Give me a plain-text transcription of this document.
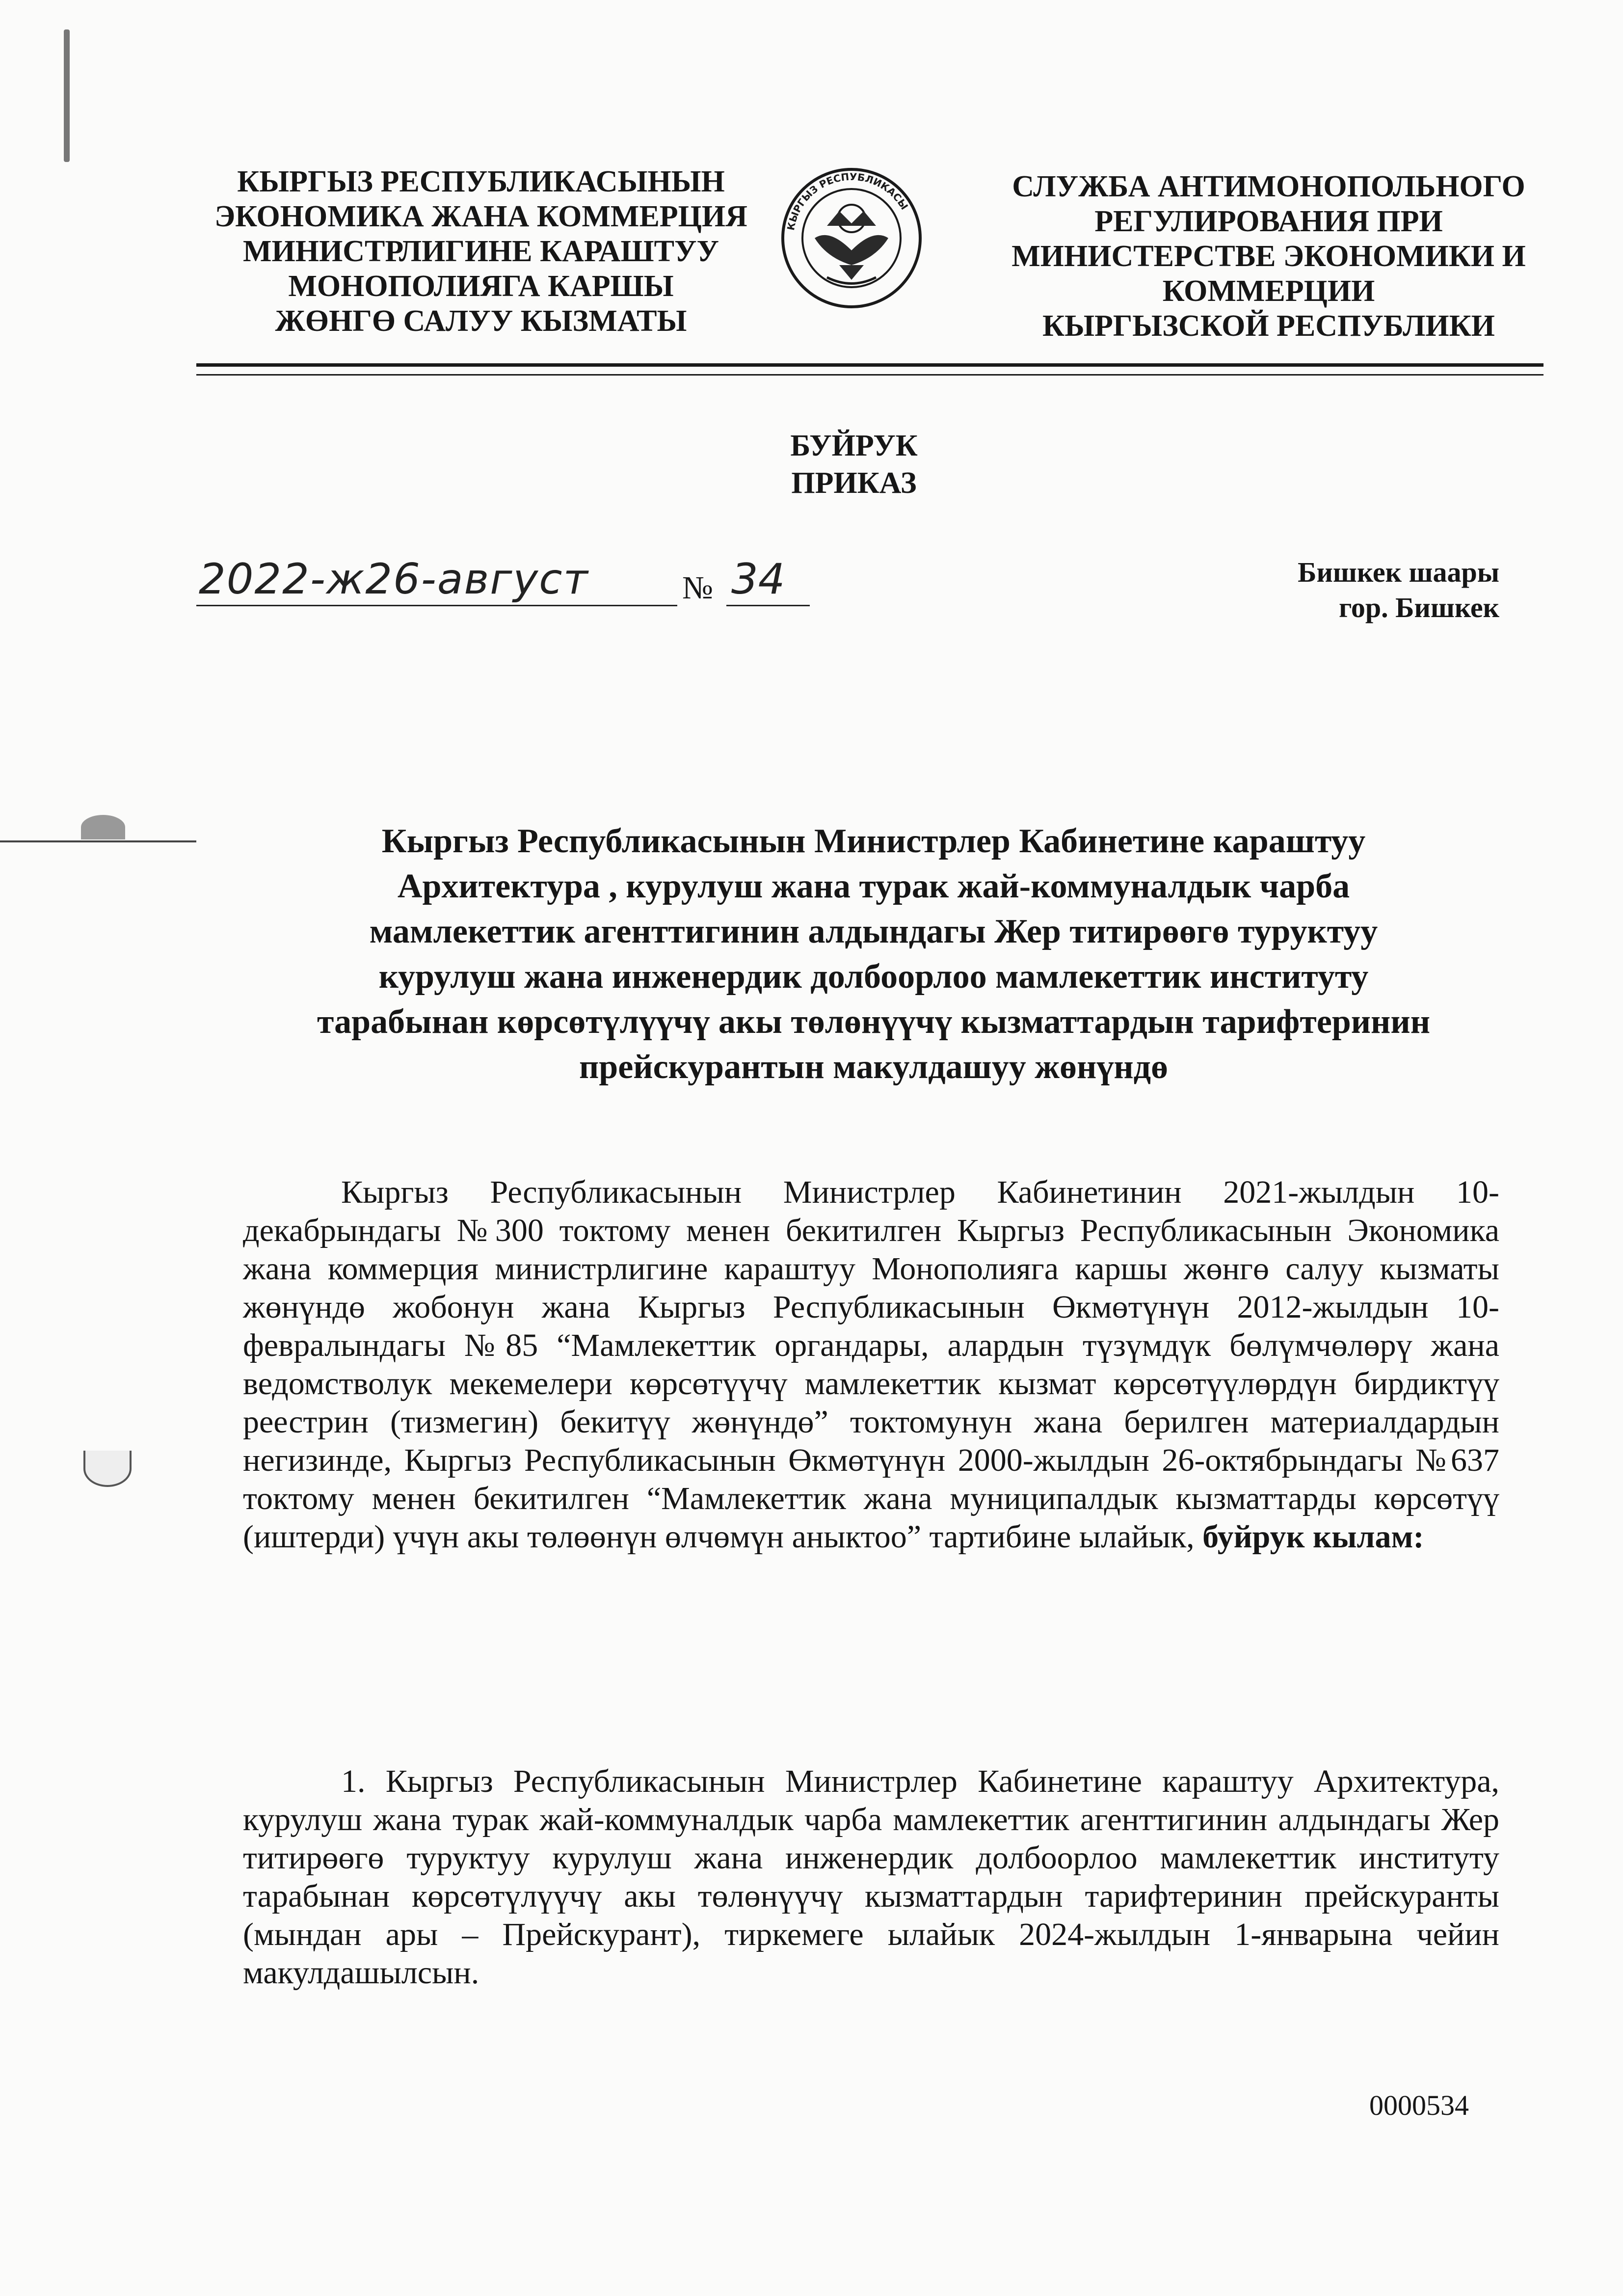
КЫРГЫЗ РЕСПУБЛИКАСЫНЫН
ЭКОНОМИКА ЖАНА КОММЕРЦИЯ
МИНИСТРЛИГИНЕ КАРАШТУУ
МОНОПОЛИЯГА КАРШЫ
ЖӨНГӨ САЛУУ КЫЗМАТЫ
КЫРГЫЗ РЕСПУБЛИКАСЫ
СЛУЖБА АНТИМОНОПОЛЬНОГО
РЕГУЛИРОВАНИЯ ПРИ
МИНИСТЕРСТВЕ ЭКОНОМИКИ И
КОММЕРЦИИ
КЫРГЫЗСКОЙ РЕСПУБЛИКИ
БУЙРУК
ПРИКАЗ
2022-ж26-август	№ 34	Бишкек шаары
гор. Бишкек
Кыргыз Республикасынын Министрлер Кабинетине караштуу
Архитектура , курулуш жана турак жай-коммуналдык чарба
мамлекеттик агенттигинин алдындагы Жер титирөөгө туруктуу
курулуш жана инженердик долбоорлоо мамлекеттик институту
тарабынан көрсөтүлүүчү акы төлөнүүчү кызматтардын тарифтеринин
прейскурантын макулдашуу жөнүндө

Кыргыз Республикасынын Министрлер Кабинетинин 2021-жылдын 10-декабрындагы №300 токтому менен бекитилген Кыргыз Республикасынын Экономика жана коммерция министрлигине караштуу Монополияга каршы жөнгө салуу кызматы жөнүндө жобонун жана Кыргыз Республикасынын Өкмөтүнүн 2012-жылдын 10-февралындагы №85 “Мамлекеттик органдары, алардын түзүмдүк бөлүмчөлөрү жана ведомстволук мекемелери көрсөтүүчү мамлекеттик кызмат көрсөтүүлөрдүн бирдиктүү реестрин (тизмегин) бекитүү жөнүндө” токтомунун жана берилген материалдардын негизинде, Кыргыз Республикасынын Өкмөтүнүн 2000-жылдын 26-октябрындагы №637 токтому менен бекитилген “Мамлекеттик жана муниципалдык кызматтарды көрсөтүү (иштерди) үчүн акы төлөөнүн өлчөмүн аныктоо” тартибине ылайык, буйрук кылам:

1. Кыргыз Республикасынын Министрлер Кабинетине караштуу Архитектура, курулуш жана турак жай-коммуналдык чарба мамлекеттик агенттигинин алдындагы Жер титирөөгө туруктуу курулуш жана инженердик долбоорлоо мамлекеттик институту тарабынан көрсөтүлүүчү акы төлөнүүчү кызматтардын тарифтеринин прейскуранты (мындан ары – Прейскурант), тиркемеге ылайык 2024-жылдын 1-январына чейин макулдашылсын.

0000534
